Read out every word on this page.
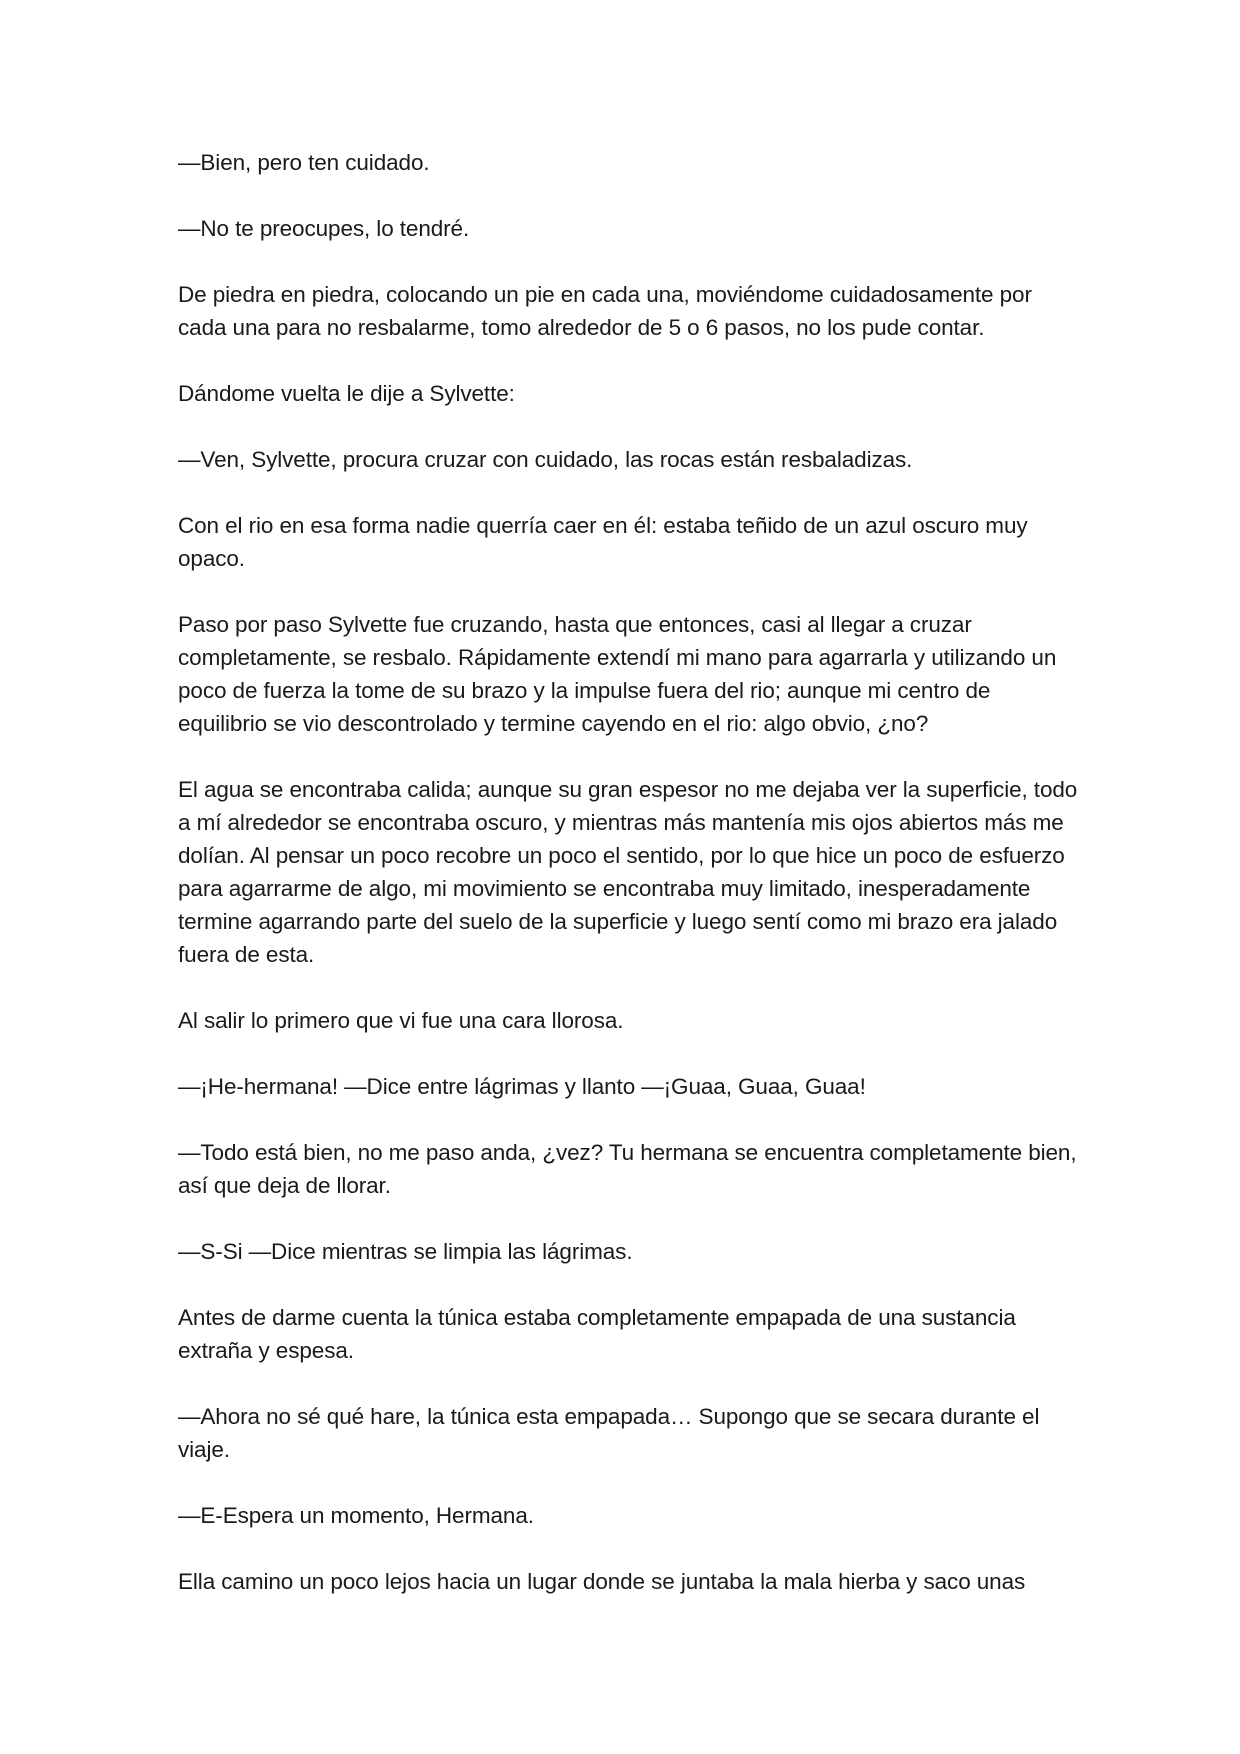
—Bien, pero ten cuidado.

—No te preocupes, lo tendré.

De piedra en piedra, colocando un pie en cada una, moviéndome cuidadosamente por cada una para no resbalarme, tomo alrededor de 5 o 6 pasos, no los pude contar.

Dándome vuelta le dije a Sylvette:

—Ven, Sylvette, procura cruzar con cuidado, las rocas están resbaladizas.

Con el rio en esa forma nadie querría caer en él: estaba teñido de un azul oscuro muy opaco.

Paso por paso Sylvette fue cruzando, hasta que entonces, casi al llegar a cruzar completamente, se resbalo. Rápidamente extendí mi mano para agarrarla y utilizando un poco de fuerza la tome de su brazo y la impulse fuera del rio; aunque mi centro de equilibrio se vio descontrolado y termine cayendo en el rio: algo obvio, ¿no?

El agua se encontraba calida; aunque su gran espesor no me dejaba ver la superficie, todo a mí alrededor se encontraba oscuro, y mientras más mantenía mis ojos abiertos más me dolían. Al pensar un poco recobre un poco el sentido, por lo que hice un poco de esfuerzo para agarrarme de algo, mi movimiento se encontraba muy limitado, inesperadamente termine agarrando parte del suelo de la superficie y luego sentí como mi brazo era jalado fuera de esta.

Al salir lo primero que vi fue una cara llorosa.

—¡He-hermana! —Dice entre lágrimas y llanto —¡Guaa, Guaa, Guaa!

—Todo está bien, no me paso anda, ¿vez? Tu hermana se encuentra completamente bien, así que deja de llorar.

—S-Si —Dice mientras se limpia las lágrimas.

Antes de darme cuenta la túnica estaba completamente empapada de una sustancia extraña y espesa.

—Ahora no sé qué hare, la túnica esta empapada… Supongo que se secara durante el viaje.

—E-Espera un momento, Hermana.

Ella camino un poco lejos hacia un lugar donde se juntaba la mala hierba y saco unas
